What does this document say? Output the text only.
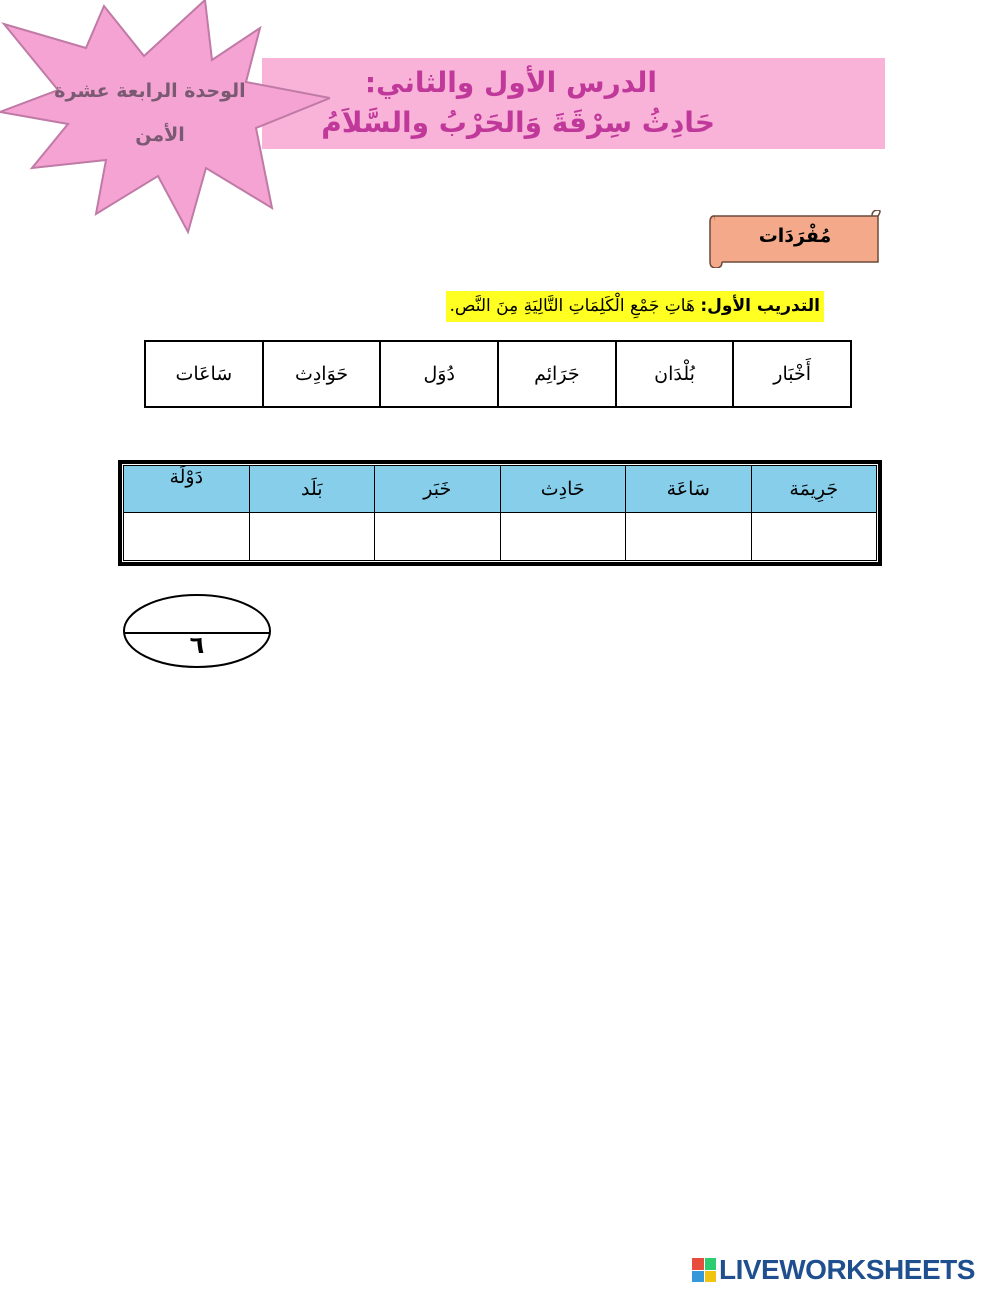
الدرس الأول والثاني:
حَادِثُ سِرْقَةَ وَالحَرْبُ والسَّلاَمُ
الوحدة الرابعة عشرة
الأمن
مُفْرَدَات
التدريب الأول: هَاتِ جَمْعِ الْكَلِمَاتِ التَّالِيَةِ مِنَ النَّص.
أَخْبَار	بُلْدَان	جَرَائِم	دُوَل	حَوَادِث	سَاعَات
جَرِيمَة	سَاعَة	حَادِث	خَبَر	بَلَد	دَوْلَة

٦
LIVEWORKSHEETS
